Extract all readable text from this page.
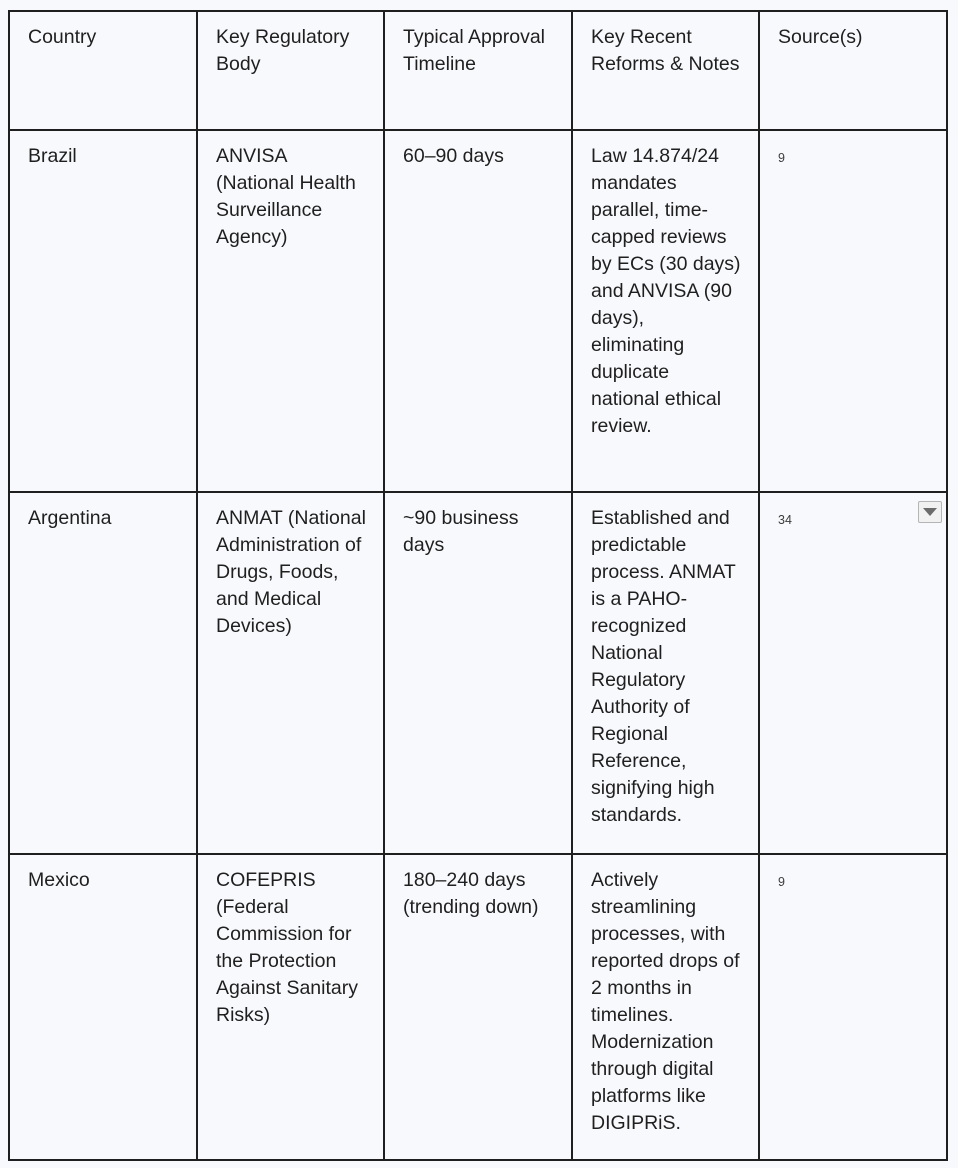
Country	Key Regulatory Body	Typical Approval Timeline	Key Recent Reforms & Notes	Source(s)
Brazil	ANVISA (National Health Surveillance Agency)	60–90 days	Law 14.874/24 mandates parallel, time-capped reviews by ECs (30 days) and ANVISA (90 days), eliminating duplicate national ethical review.	9
Argentina	ANMAT (National Administration of Drugs, Foods, and Medical Devices)	~90 business days	Established and predictable process. ANMAT is a PAHO-recognized National Regulatory Authority of Regional Reference, signifying high standards.	34

Mexico	COFEPRIS (Federal Commission for the Protection Against Sanitary Risks)	180–240 days (trending down)	Actively streamlining processes, with reported drops of 2 months in timelines. Modernization through digital platforms like DIGIPRiS.	9
